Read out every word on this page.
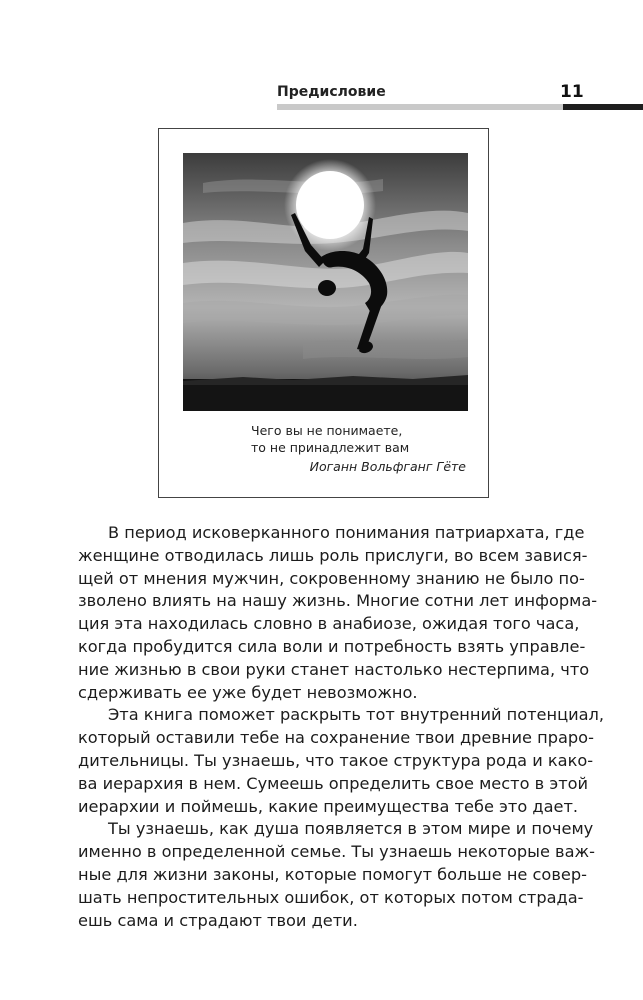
Предисловие	11
Чего вы не понимаете,
то не принадлежит вам
Иоганн Вольфганг Гёте
В период исковерканного понимания патриархата, где
женщине отводилась лишь роль прислуги, во всем завися-
щей от мнения мужчин, сокровенному знанию не было по-
зволено влиять на нашу жизнь. Многие сотни лет информа-
ция эта находилась словно в анабиозе, ожидая того часа,
когда пробудится сила воли и потребность взять управле-
ние жизнью в свои руки станет настолько нестерпима, что
сдерживать ее уже будет невозможно.
Эта книга поможет раскрыть тот внутренний потенциал,
который оставили тебе на сохранение твои древние праро-
дительницы. Ты узнаешь, что такое структура рода и како-
ва иерархия в нем. Сумеешь определить свое место в этой
иерархии и поймешь, какие преимущества тебе это дает.
Ты узнаешь, как душа появляется в этом мире и почему
именно в определенной семье. Ты узнаешь некоторые важ-
ные для жизни законы, которые помогут больше не совер-
шать непростительных ошибок, от которых потом страда-
ешь сама и страдают твои дети.
